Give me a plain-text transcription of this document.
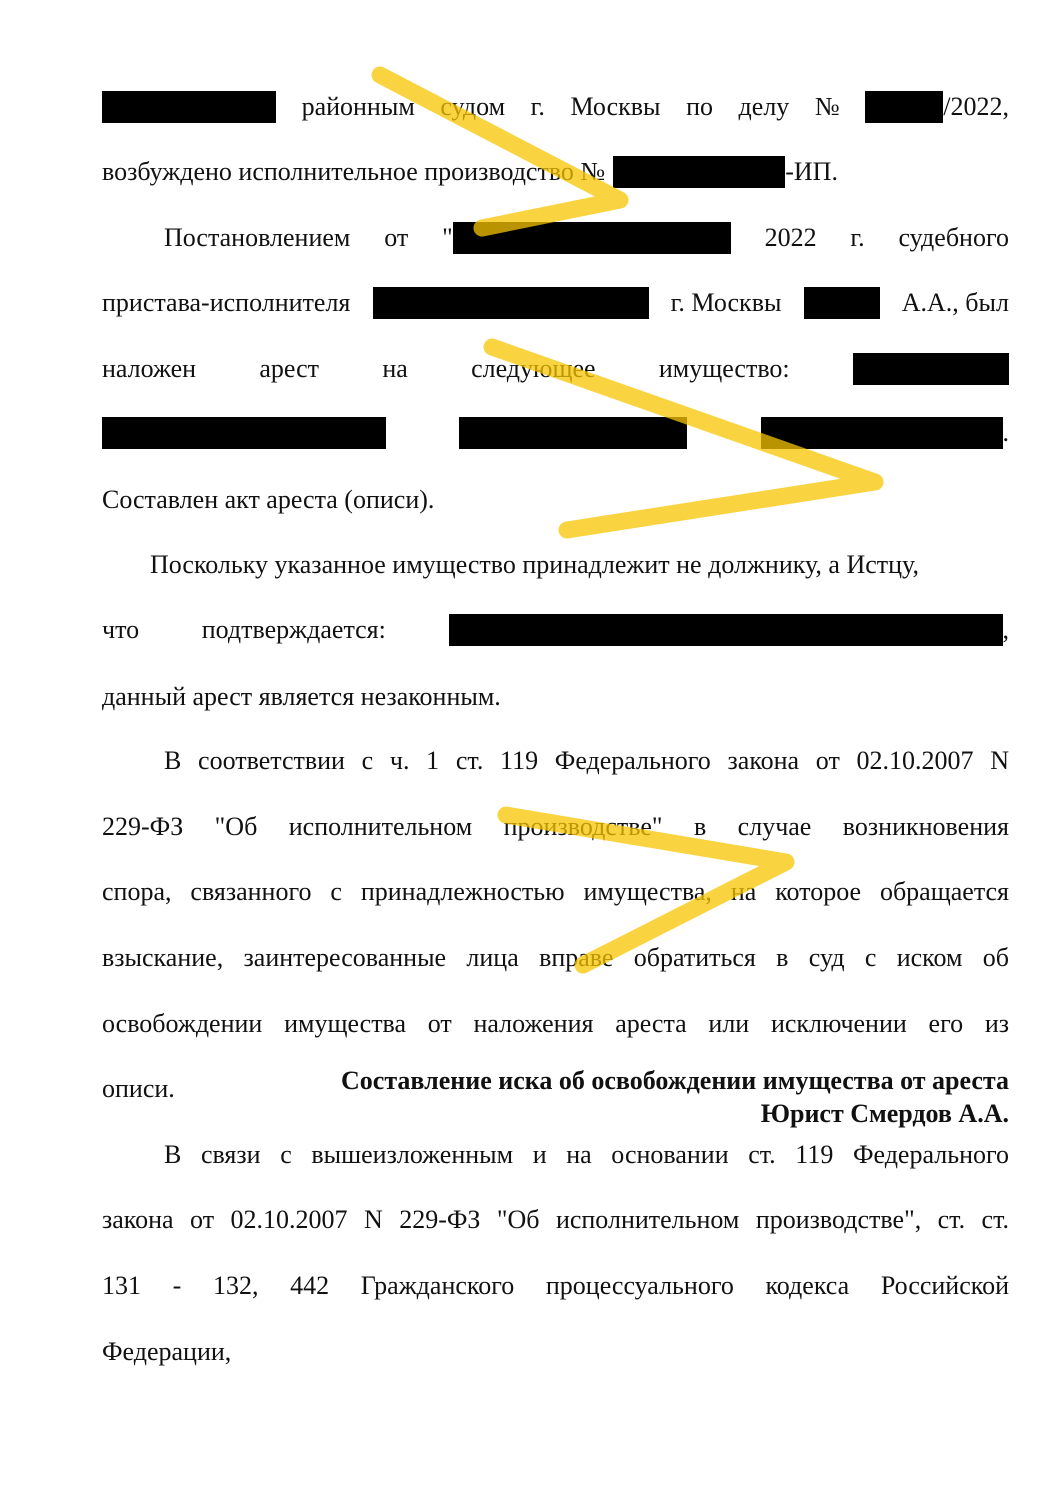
районным судом г. Москвы по делу №	/2022,
возбуждено исполнительное производство №	-ИП.
Постановлением от "	2022 г. судебного
пристава-исполнителя	г. Москвы	А.А., был
наложен арест на следующее имущество:
.
Составлен акт ареста (описи).
Поскольку указанное имущество принадлежит не должнику, а Истцу,
что подтверждается:	,
данный арест является незаконным.
В соответствии с ч. 1 ст. 119 Федерального закона от 02.10.2007 N
229-ФЗ "Об исполнительном производстве" в случае возникновения
спора, связанного с принадлежностью имущества, на которое обращается
взыскание, заинтересованные лица вправе обратиться в суд с иском об
освобождении имущества от наложения ареста или исключении его из
описи.
В связи с вышеизложенным и на основании ст. 119 Федерального
закона от 02.10.2007 N 229-ФЗ "Об исполнительном производстве", ст. ст.
131 - 132, 442 Гражданского процессуального кодекса Российской
Федерации,
Составление иска об освобождении имущества от ареста
Юрист Смердов А.А.
